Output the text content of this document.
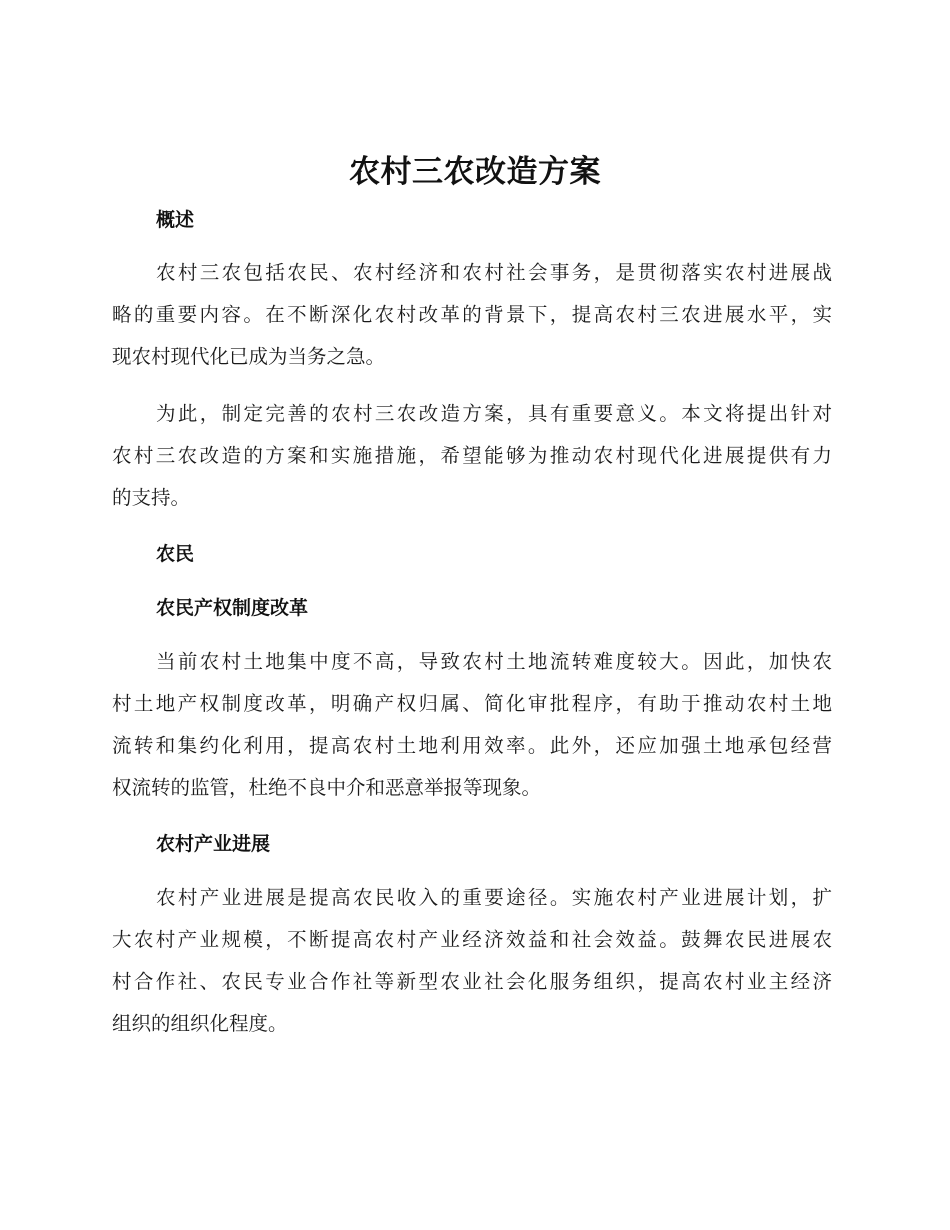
农村三农改造方案
概述
农村三农包括农民、农村经济和农村社会事务，是贯彻落实农村进展战
略的重要内容。在不断深化农村改革的背景下，提高农村三农进展水平，实
现农村现代化已成为当务之急。
为此，制定完善的农村三农改造方案，具有重要意义。本文将提出针对
农村三农改造的方案和实施措施，希望能够为推动农村现代化进展提供有力
的支持。
农民
农民产权制度改革
当前农村土地集中度不高，导致农村土地流转难度较大。因此，加快农
村土地产权制度改革，明确产权归属、简化审批程序，有助于推动农村土地
流转和集约化利用，提高农村土地利用效率。此外，还应加强土地承包经营
权流转的监管，杜绝不良中介和恶意举报等现象。
农村产业进展
农村产业进展是提高农民收入的重要途径。实施农村产业进展计划，扩
大农村产业规模，不断提高农村产业经济效益和社会效益。鼓舞农民进展农
村合作社、农民专业合作社等新型农业社会化服务组织，提高农村业主经济
组织的组织化程度。
